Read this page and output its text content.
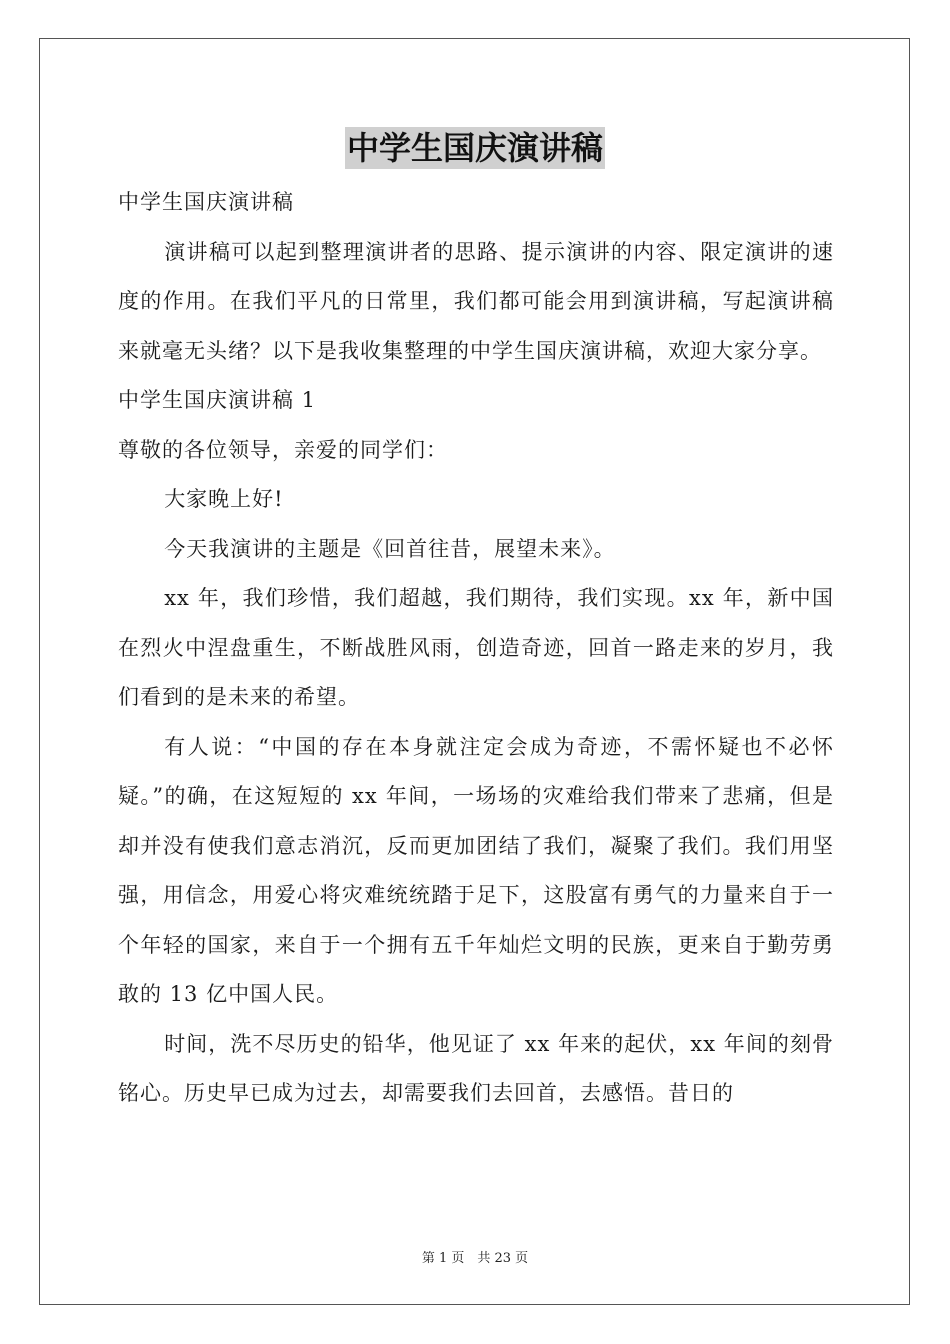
中学生国庆演讲稿

中学生国庆演讲稿

演讲稿可以起到整理演讲者的思路、提示演讲的内容、限定演讲的速度的作用。在我们平凡的日常里，我们都可能会用到演讲稿，写起演讲稿来就毫无头绪？以下是我收集整理的中学生国庆演讲稿，欢迎大家分享。

中学生国庆演讲稿 1

尊敬的各位领导，亲爱的同学们：

大家晚上好!

今天我演讲的主题是《回首往昔，展望未来》。

xx 年，我们珍惜，我们超越，我们期待，我们实现。xx 年，新中国在烈火中涅盘重生，不断战胜风雨，创造奇迹，回首一路走来的岁月，我们看到的是未来的希望。

有人说：“中国的存在本身就注定会成为奇迹，不需怀疑也不必怀疑。”的确，在这短短的 xx 年间，一场场的灾难给我们带来了悲痛，但是却并没有使我们意志消沉，反而更加团结了我们，凝聚了我们。我们用坚强，用信念，用爱心将灾难统统踏于足下，这股富有勇气的力量来自于一个年轻的国家，来自于一个拥有五千年灿烂文明的民族，更来自于勤劳勇敢的 13 亿中国人民。

时间，洗不尽历史的铅华，他见证了 xx 年来的起伏，xx 年间的刻骨铭心。历史早已成为过去，却需要我们去回首，去感悟。昔日的

第 1 页　共 23 页
